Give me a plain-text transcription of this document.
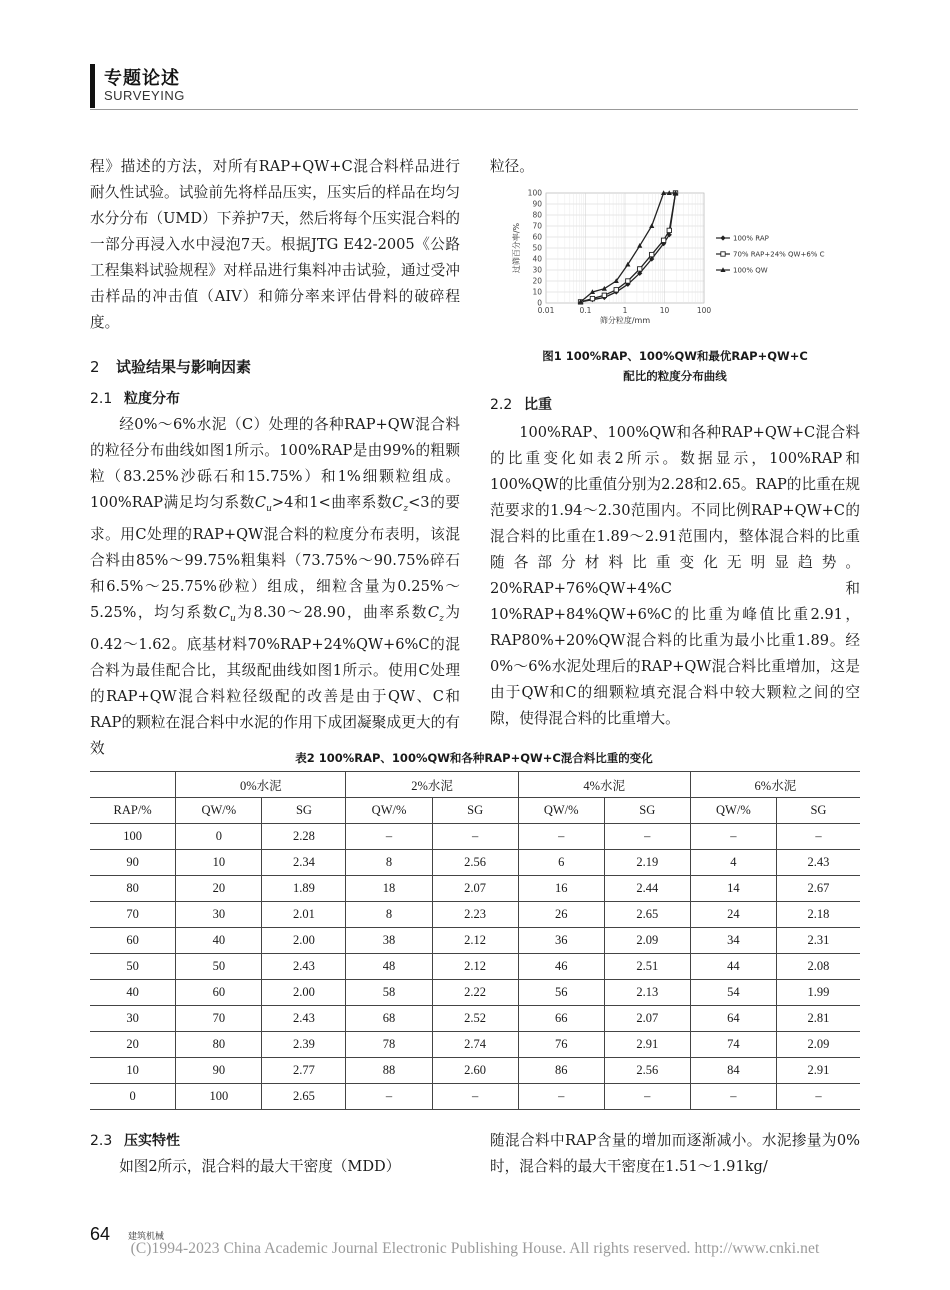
专题论述
SURVEYING

程》描述的方法，对所有RAP+QW+C混合料样品进行耐久性试验。试验前先将样品压实，压实后的样品在均匀水分分布（UMD）下养护7天，然后将每个压实混合料的一部分再浸入水中浸泡7天。根据JTG E42-2005《公路工程集料试验规程》对样品进行集料冲击试验，通过受冲击样品的冲击值（AIV）和筛分率来评估骨料的破碎程度。

2 试验结果与影响因素

2.1 粒度分布

经0%～6%水泥（C）处理的各种RAP+QW混合料的粒径分布曲线如图1所示。100%RAP是由99%的粗颗粒（83.25%沙砾石和15.75%）和1%细颗粒组成。100%RAP满足均匀系数$C_u>4$和1<曲率系数$C_z<3$的要求。用C处理的RAP+QW混合料的粒度分布表明，该混合料由85%～99.75%粗集料（73.75%～90.75%碎石和6.5%～25.75%砂粒）组成，细粒含量为0.25%～5.25%，均匀系数$C_u$为8.30～28.90，曲率系数$C_z$为0.42～1.62。底基材料70%RAP+24%QW+6%C的混合料为最佳配合比，其级配曲线如图1所示。使用C处理的RAP+QW混合料粒径级配的改善是由于QW、C和RAP的颗粒在混合料中水泥的作用下成团凝聚成更大的有效

粒径。

0
10
20
30
40
50
60
70
80
90
100
0.01	0.1	1	10	100
筛分粒度/mm
过筛百分率/%	100% RAP
70% RAP+24% QW+6% C
100% QW
图1 100%RAP、100%QW和最优RAP+QW+C
配比的粒度分布曲线

2.2 比重

100%RAP、100%QW和各种RAP+QW+C混合料的比重变化如表2所示。数据显示，100%RAP和100%QW的比重值分别为2.28和2.65。RAP的比重在规范要求的1.94～2.30范围内。不同比例RAP+QW+C的混合料的比重在1.89～2.91范围内，整体混合料的比重随各部分材料比重变化无明显趋势。20%RAP+76%QW+4%C和10%RAP+84%QW+6%C的比重为峰值比重2.91，RAP80%+20%QW混合料的比重为最小比重1.89。经0%～6%水泥处理后的RAP+QW混合料比重增加，这是由于QW和C的细颗粒填充混合料中较大颗粒之间的空隙，使得混合料的比重增大。

表2 100%RAP、100%QW和各种RAP+QW+C混合料比重的变化
	0%水泥		2%水泥		4%水泥		6%水泥	
RAP/%	QW/%	SG	QW/%	SG	QW/%	SG	QW/%	SG
100	0	2.28	–	–	–	–	–	–
90	10	2.34	8	2.56	6	2.19	4	2.43
80	20	1.89	18	2.07	16	2.44	14	2.67
70	30	2.01	8	2.23	26	2.65	24	2.18
60	40	2.00	38	2.12	36	2.09	34	2.31
50	50	2.43	48	2.12	46	2.51	44	2.08
40	60	2.00	58	2.22	56	2.13	54	1.99
30	70	2.43	68	2.52	66	2.07	64	2.81
20	80	2.39	78	2.74	76	2.91	74	2.09
10	90	2.77	88	2.60	86	2.56	84	2.91
0	100	2.65	–	–	–	–	–	–

2.3 压实特性

如图2所示，混合料的最大干密度（MDD）

随混合料中RAP含量的增加而逐渐减小。水泥掺量为0%时，混合料的最大干密度在1.51～1.91kg/

64 建筑机械
(C)1994-2023 China Academic Journal Electronic Publishing House. All rights reserved. http://www.cnki.net
